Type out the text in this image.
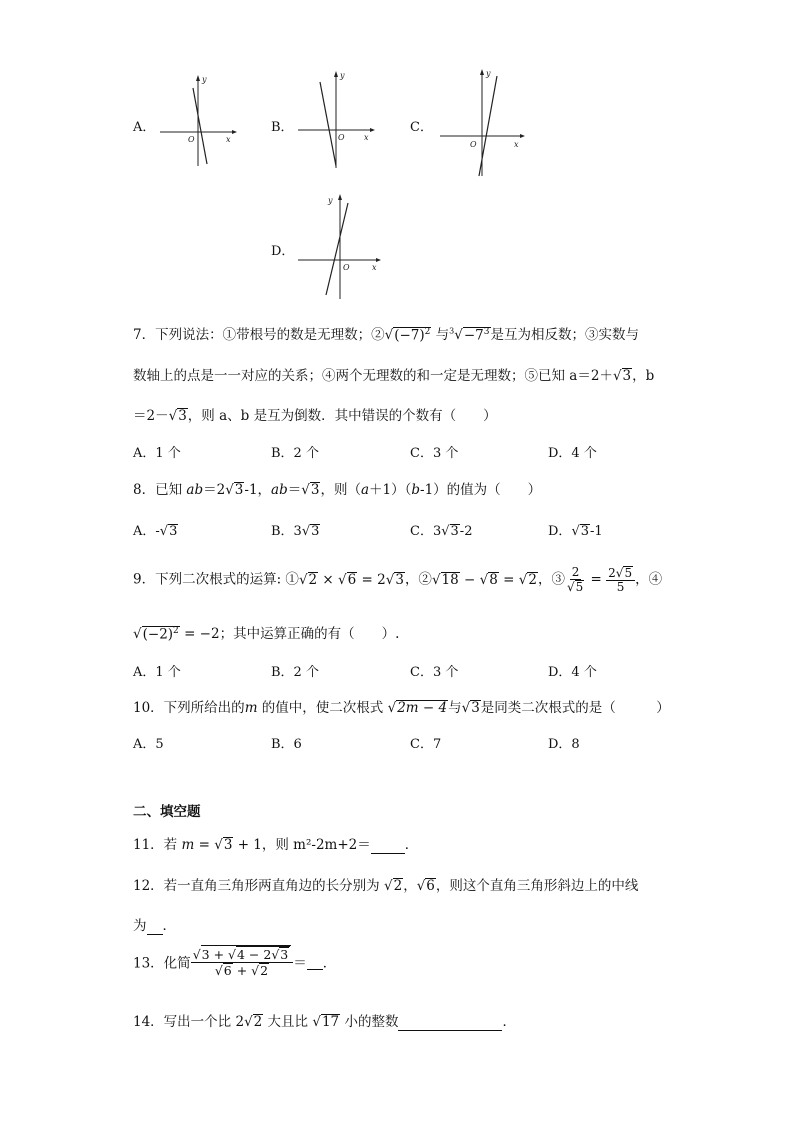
A．
y
x
O
B．
y
x
O
C．
y
x
O
D．
y
x
O
7．下列说法：①带根号的数是无理数；$②√(-7)^2$ 与$^3√-7^3$是互为相反数；③实数与
数轴上的点是一一对应的关系；④两个无理数的和一定是无理数；⑤已知 a＝2＋√3，b
＝2－√3，则 a、b 是互为倒数．其中错误的个数有（　　）
A．1 个	B．2 个	C．3 个	D．4 个
8．已知 ab＝2√3-1，ab＝√3，则（a＋1）（b-1）的值为（　　）
A．-√3	B．3√3	C．3√3-2	D．√3-1
9．下列二次根式的运算: ①√2 × √6 = 2√3，②√18 − √8 = √2，③ $\frac{2}{√5} = \frac{2√5}{5}$ ，④
$√(-2)^2 = -2$；其中运算正确的有（　　）.
A．1 个	B．2 个	C．3 个	D．4 个
10．下列所给出的m 的值中，使二次根式 √2m − 4与√3是同类二次根式的是（　　　）
A．5	B．6	C．7	D．8
二、填空题
11．若 m = √3 + 1，则 m²-2m+2＝	．
12．若一直角三角形两直角边的长分别为 √2，√6，则这个直角三角形斜边上的中线
为 ．
13．化简 $\frac{√3 + √4 - 2√3}{√6 + √2}$ ＝ ．
14．写出一个比 2√2 大且比 √17 小的整数	．
